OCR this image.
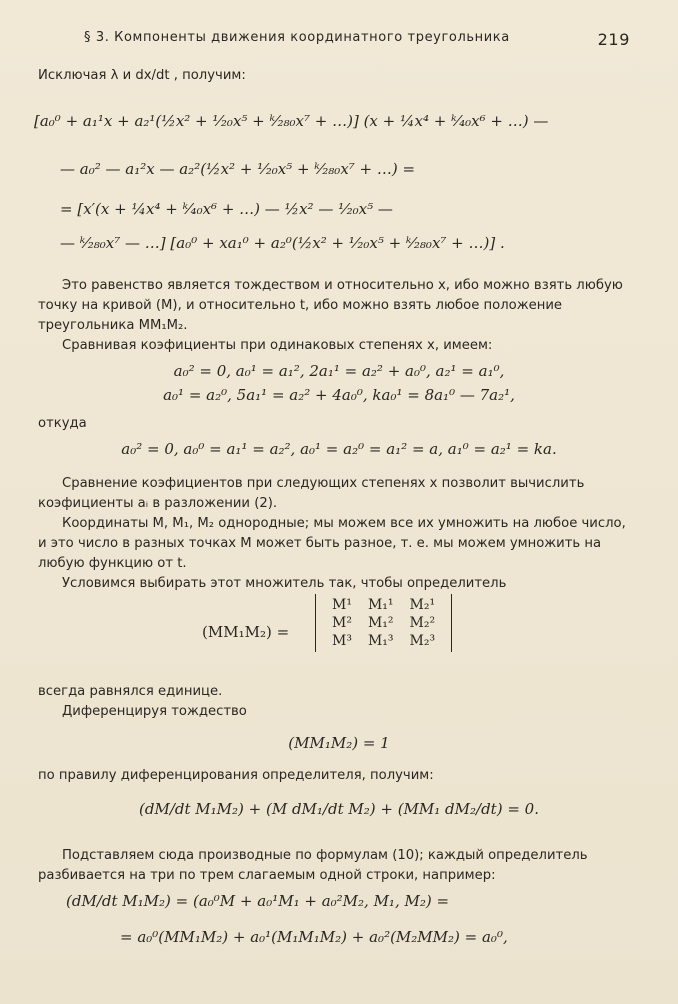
§ 3. Компоненты движения координатного треугольника	219
Исключая λ и dx/dt , получим:
[a₀⁰ + a₁¹x + a₂¹(½x² + ¹⁄₂₀x⁵ + ᵏ⁄₂₈₀x⁷ + …)] (x + ¼x⁴ + ᵏ⁄₄₀x⁶ + …) —
— a₀² — a₁²x — a₂²(½x² + ¹⁄₂₀x⁵ + ᵏ⁄₂₈₀x⁷ + …) =
= [x′(x + ¼x⁴ + ᵏ⁄₄₀x⁶ + …) — ½x² — ¹⁄₂₀x⁵ —
— ᵏ⁄₂₈₀x⁷ — …] [a₀⁰ + xa₁⁰ + a₂⁰(½x² + ¹⁄₂₀x⁵ + ᵏ⁄₂₈₀x⁷ + …)] .
Это равенство является тождеством и относительно x, ибо можно взять любую точку на кривой (M), и относительно t, ибо можно взять любое положение треугольника MM₁M₂.
Сравнивая коэфициенты при одинаковых степенях x, имеем:
a₀² = 0, a₀¹ = a₁², 2a₁¹ = a₂² + a₀⁰, a₂¹ = a₁⁰,
a₀¹ = a₂⁰, 5a₁¹ = a₂² + 4a₀⁰, ka₀¹ = 8a₁⁰ — 7a₂¹,
откуда
a₀² = 0, a₀⁰ = a₁¹ = a₂², a₀¹ = a₂⁰ = a₁² = a, a₁⁰ = a₂¹ = ka.
Сравнение коэфициентов при следующих степенях x позволит вычислить коэфициенты aᵢ в разложении (2).
Координаты M, M₁, M₂ однородные; мы можем все их умножить на любое число, и это число в разных точках M может быть разное, т. е. мы можем умножить на любую функцию от t.
Условимся выбирать этот множитель так, чтобы определитель
(MM₁M₂) =
M¹	M₁¹	M₂¹
M²	M₁²	M₂²
M³	M₁³	M₂³
всегда равнялся единице.
Диференцируя тождество
(MM₁M₂) = 1
по правилу диференцирования определителя, получим:
(dM/dt M₁M₂) + (M dM₁/dt M₂) + (MM₁ dM₂/dt) = 0.
Подставляем сюда производные по формулам (10); каждый определитель разбивается на три по трем слагаемым одной строки, например:
(dM/dt M₁M₂) = (a₀⁰M + a₀¹M₁ + a₀²M₂, M₁, M₂) =
= a₀⁰(MM₁M₂) + a₀¹(M₁M₁M₂) + a₀²(M₂MM₂) = a₀⁰,
